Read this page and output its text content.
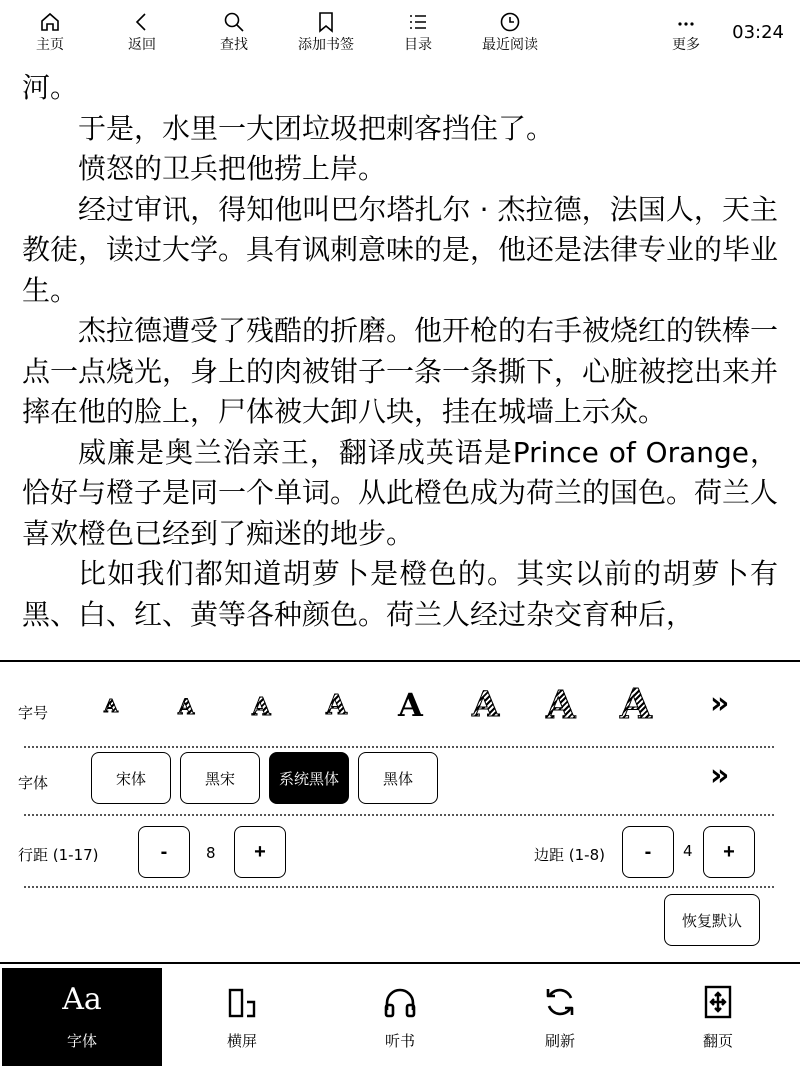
主页	返回	查找	添加书签	目录	最近阅读	更多
03:24

河。

于是，水里一大团垃圾把刺客挡住了。

愤怒的卫兵把他捞上岸。

经过审讯，得知他叫巴尔塔扎尔 · 杰拉德，法国人，天主教徒，读过大学。具有讽刺意味的是，他还是法律专业的毕业生。

杰拉德遭受了残酷的折磨。他开枪的右手被烧红的铁棒一点一点烧光，身上的肉被钳子一条一条撕下，心脏被挖出来并摔在他的脸上，尸体被大卸八块，挂在城墙上示众。

威廉是奥兰治亲王，翻译成英语是Prince of Orange，恰好与橙子是同一个单词。从此橙色成为荷兰的国色。荷兰人喜欢橙色已经到了痴迷的地步。

比如我们都知道胡萝卜是橙色的。其实以前的胡萝卜有黑、白、红、黄等各种颜色。荷兰人经过杂交育种后，

字号	A	A A A A A A A »
字体	宋体	黑宋	系统黑体	黑体	»
行距 (1-17)	-	8	+	边距 (1-8)	-	4	+
恢复默认
Aa
字体	横屏	听书	刷新	翻页
